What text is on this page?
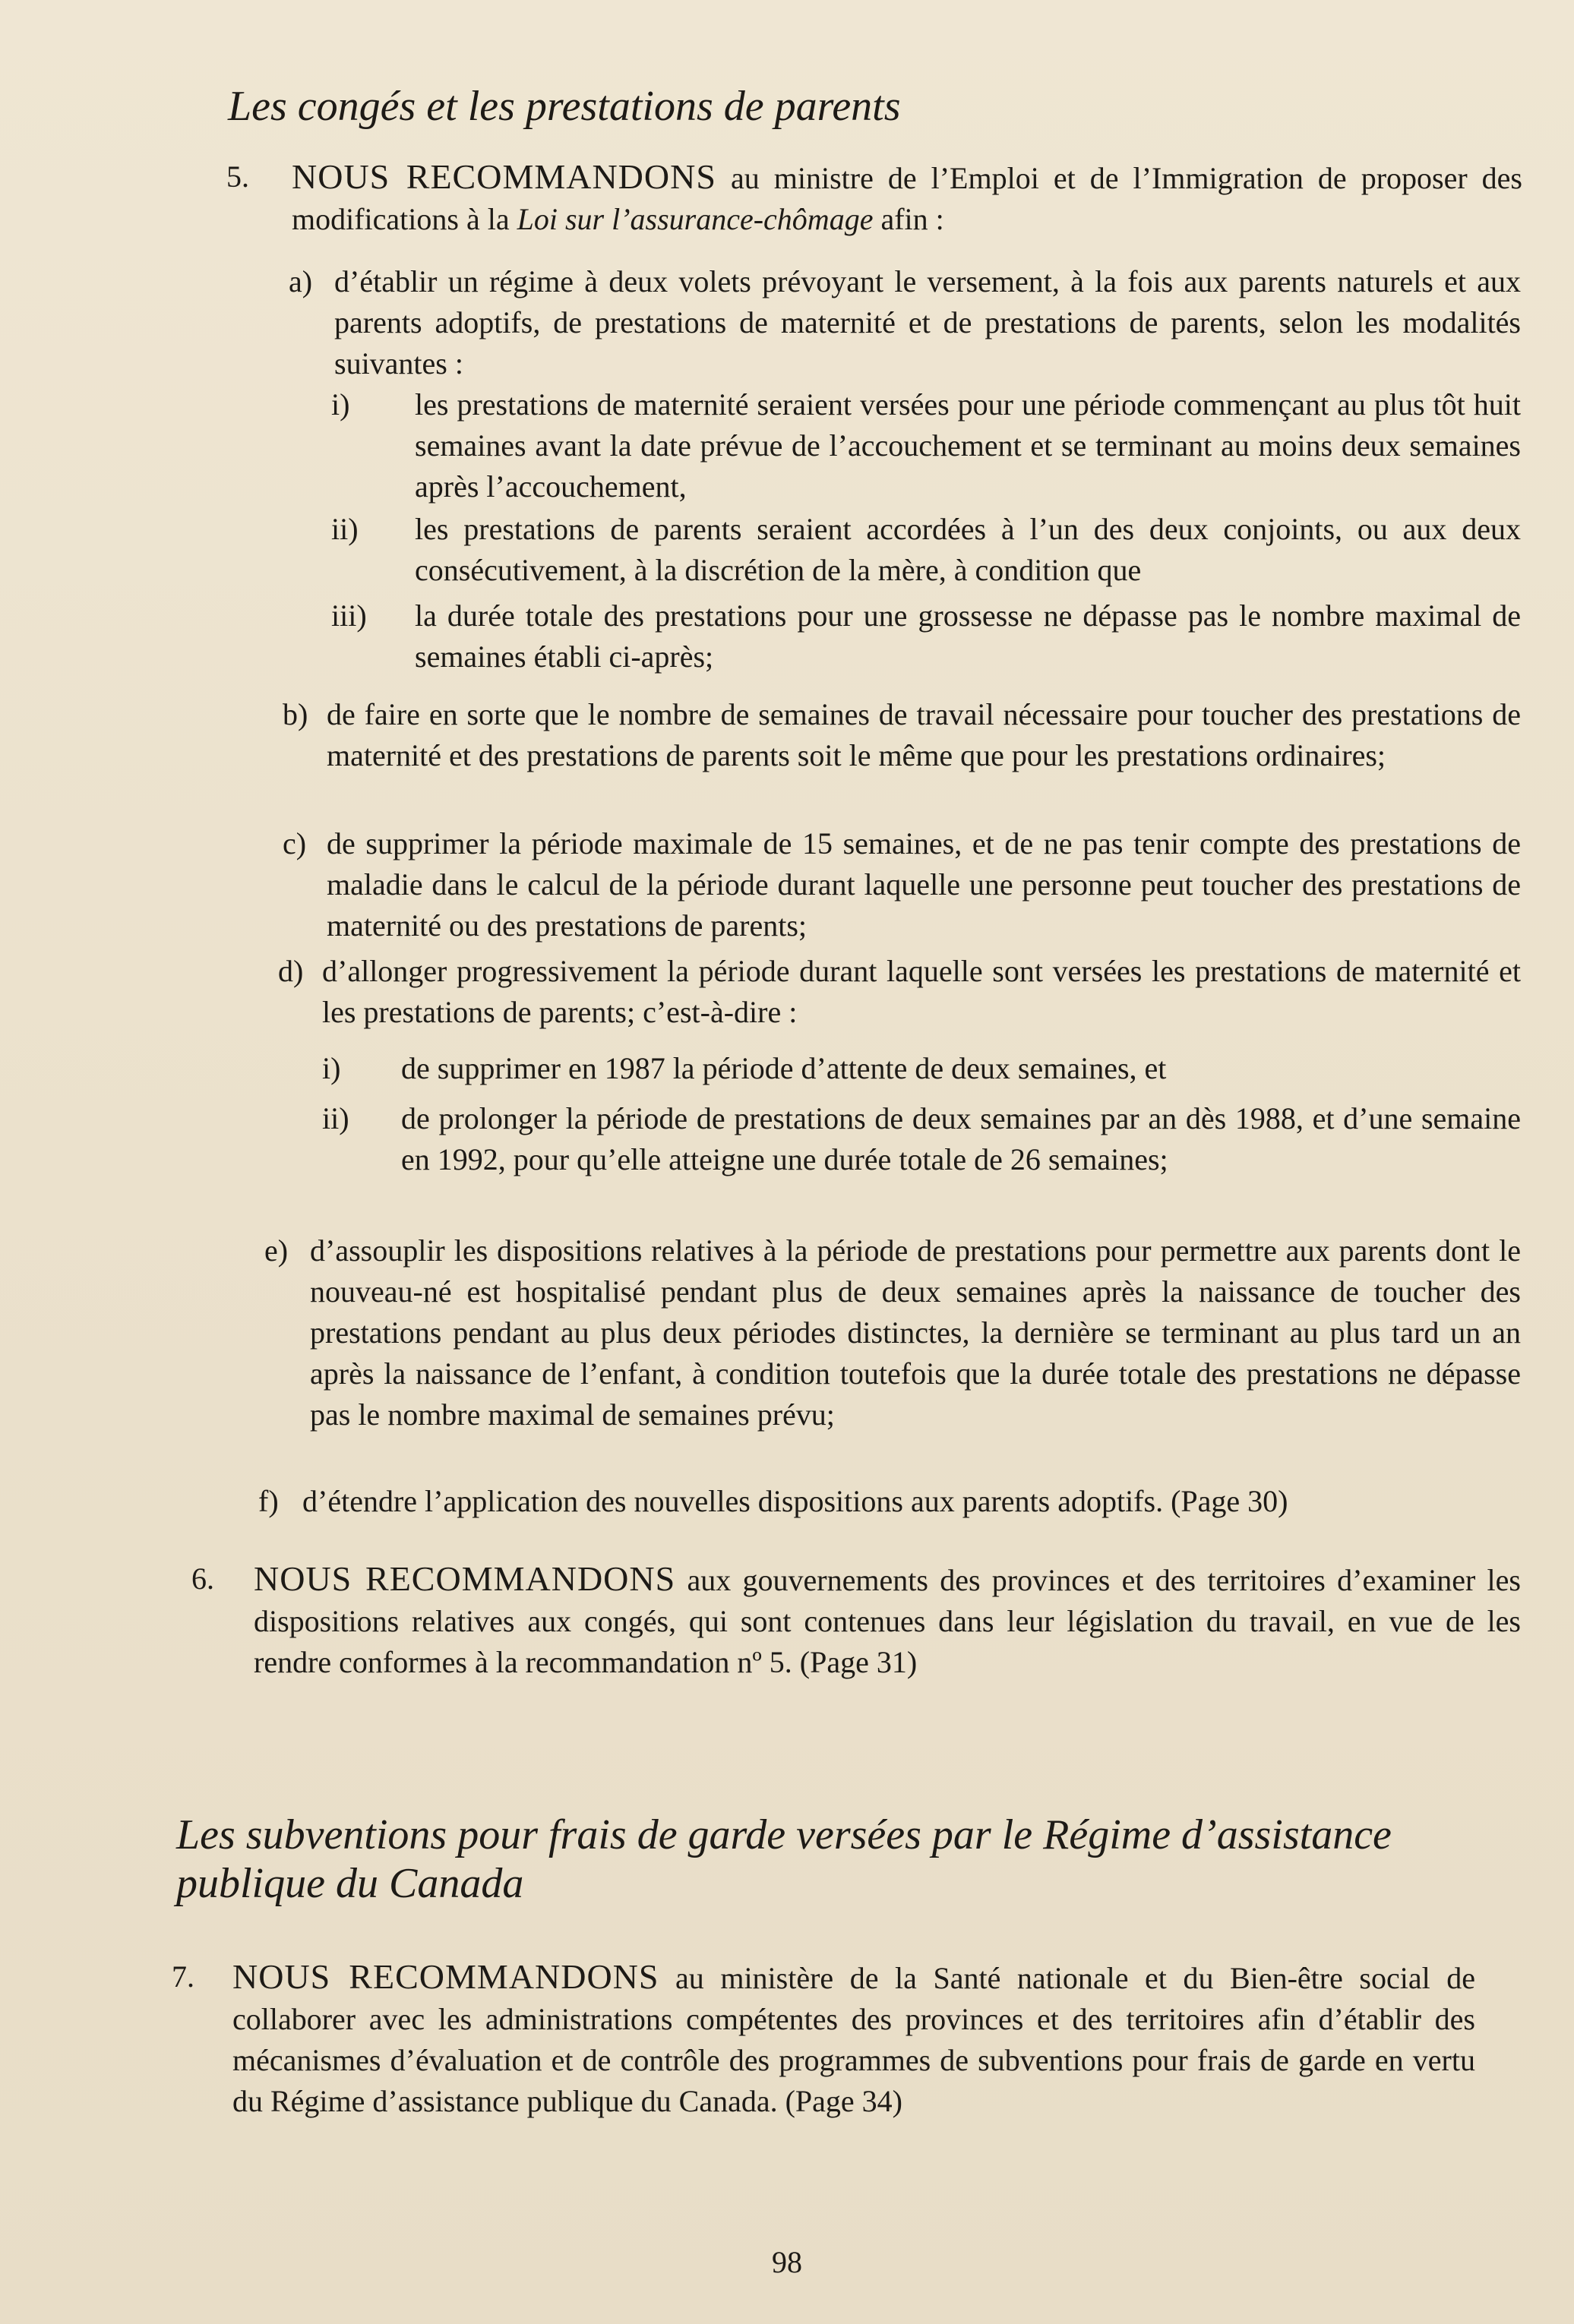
Les congés et les prestations de parents
5. NOUS RECOMMANDONS au ministre de l’Emploi et de l’Immigration de proposer des modifications à la Loi sur l’assurance-chômage afin :

a) d’établir un régime à deux volets prévoyant le versement, à la fois aux parents naturels et aux parents adoptifs, de prestations de maternité et de prestations de parents, selon les modalités suivantes :

i) les prestations de maternité seraient versées pour une période commençant au plus tôt huit semaines avant la date prévue de l’accouchement et se terminant au moins deux semaines après l’accouchement,

ii) les prestations de parents seraient accordées à l’un des deux conjoints, ou aux deux consécutivement, à la discrétion de la mère, à condition que

iii) la durée totale des prestations pour une grossesse ne dépasse pas le nombre maximal de semaines établi ci-après;

b) de faire en sorte que le nombre de semaines de travail nécessaire pour toucher des prestations de maternité et des prestations de parents soit le même que pour les prestations ordinaires;

c) de supprimer la période maximale de 15 semaines, et de ne pas tenir compte des prestations de maladie dans le calcul de la période durant laquelle une personne peut toucher des prestations de maternité ou des prestations de parents;

d) d’allonger progressivement la période durant laquelle sont versées les prestations de maternité et les prestations de parents; c’est-à-dire :

i) de supprimer en 1987 la période d’attente de deux semaines, et

ii) de prolonger la période de prestations de deux semaines par an dès 1988, et d’une semaine en 1992, pour qu’elle atteigne une durée totale de 26 semaines;

e) d’assouplir les dispositions relatives à la période de prestations pour permettre aux parents dont le nouveau-né est hospitalisé pendant plus de deux semaines après la naissance de toucher des prestations pendant au plus deux périodes distinctes, la dernière se terminant au plus tard un an après la naissance de l’enfant, à condition toutefois que la durée totale des prestations ne dépasse pas le nombre maximal de semaines prévu;

f) d’étendre l’application des nouvelles dispositions aux parents adoptifs. (Page 30)

6. NOUS RECOMMANDONS aux gouvernements des provinces et des territoires d’examiner les dispositions relatives aux congés, qui sont contenues dans leur législation du travail, en vue de les rendre conformes à la recommandation nº 5. (Page 31)

Les subventions pour frais de garde versées par le Régime d’assistance publique du Canada
7. NOUS RECOMMANDONS au ministère de la Santé nationale et du Bien-être social de collaborer avec les administrations compétentes des provinces et des territoires afin d’établir des mécanismes d’évaluation et de contrôle des programmes de subventions pour frais de garde en vertu du Régime d’assistance publique du Canada. (Page 34)

98
